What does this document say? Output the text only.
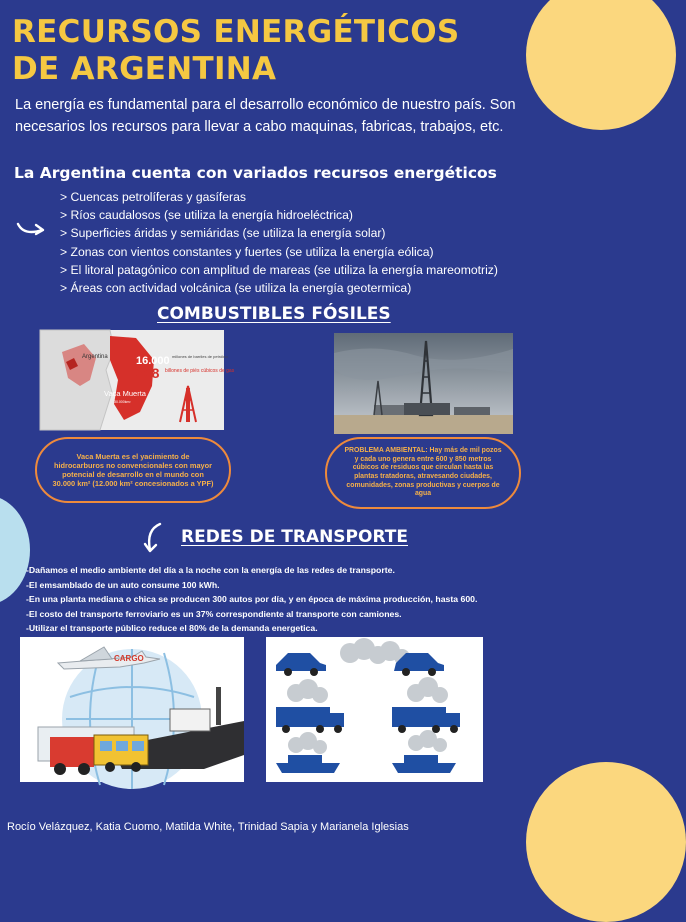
RECURSOS ENERGÉTICOS
DE ARGENTINA

La energía es fundamental para el desarrollo económico de nuestro país. Son necesarios los recursos para llevar a cabo maquinas, fabricas, trabajos, etc.

La Argentina cuenta con variados recursos energéticos
> Cuencas petrolíferas y gasíferas
> Ríos caudalosos (se utiliza la energía hidroeléctrica)
> Superficies áridas y semiáridas (se utiliza la energía solar)
> Zonas con vientos constantes y fuertes (se utiliza la energía eólica)
> El litoral patagónico con amplitud de mareas (se utiliza la energía mareomotriz)
> Áreas con actividad volcánica (se utiliza la energía geotermica)
COMBUSTIBLES FÓSILES
Argentina	16.000 millones de barriles de petróleo
308 billones de piés cúbicos de gas
Vaca Muerta
30.000km²
Vaca Muerta es el yacimiento de hidrocarburos no convencionales con mayor potencial de desarrollo en el mundo con 30.000 km² (12.000 km² concesionados a YPF)
PROBLEMA AMBIENTAL: Hay más de mil pozos y cada uno genera entre 600 y 850 metros cúbicos de residuos que circulan hasta las plantas tratadoras, atravesando ciudades, comunidades, zonas productivas y cuerpos de agua
REDES DE TRANSPORTE
-Dañamos el medio ambiente del día a la noche con la energía de las redes de transporte.
-El emsamblado de un auto consume 100 kWh.
-En una planta mediana o chica se producen 300 autos por día, y en época de máxima producción, hasta 600.
-El costo del transporte ferroviario es un 37% correspondiente al transporte con camiones.
-Utilizar el transporte público reduce el 80% de la demanda energetica.
CARGO
Rocío Velázquez, Katia Cuomo, Matilda White, Trinidad Sapia y Marianela Iglesias
